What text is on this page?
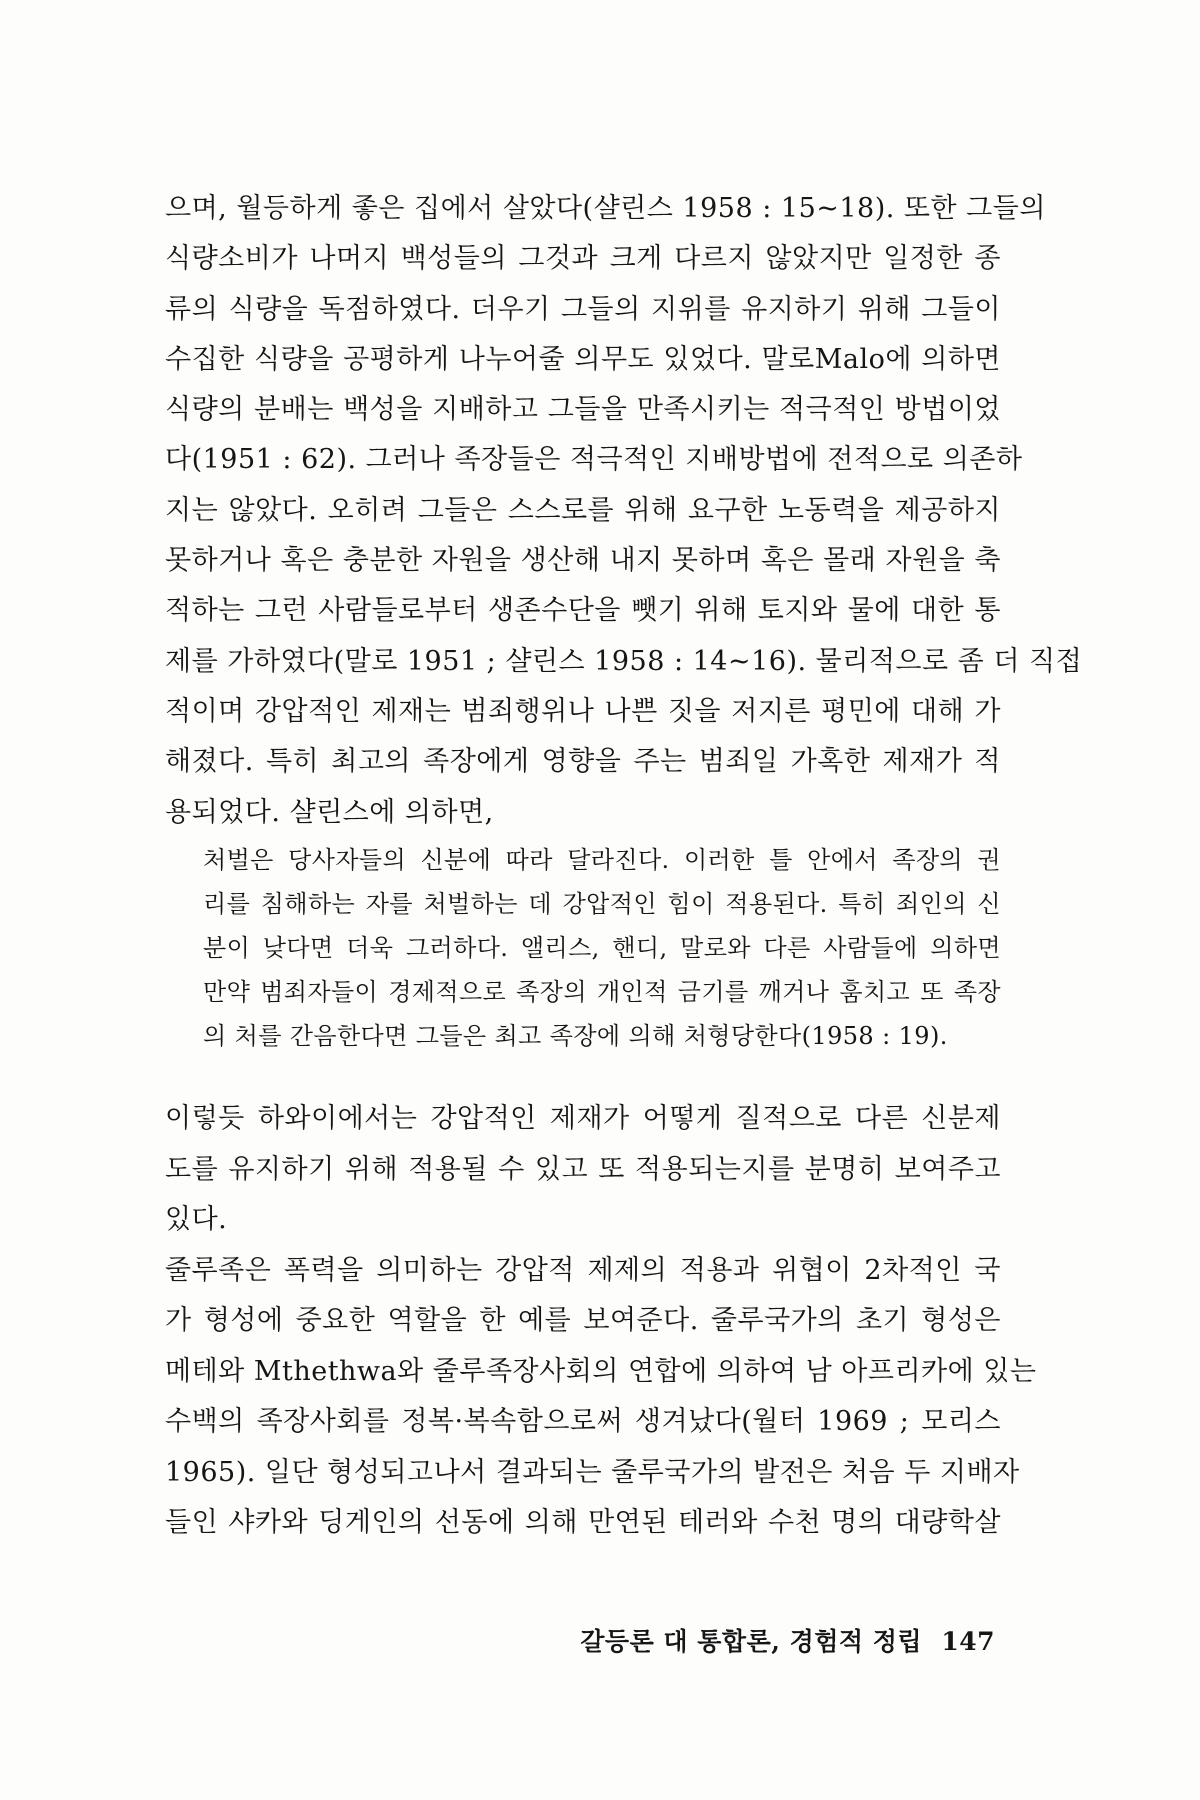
으며, 월등하게 좋은 집에서 살았다(샬린스 1958 : 15~18). 또한 그들의
식량소비가 나머지 백성들의 그것과 크게 다르지 않았지만 일정한 종
류의 식량을 독점하였다. 더우기 그들의 지위를 유지하기 위해 그들이
수집한 식량을 공평하게 나누어줄 의무도 있었다. 말로Malo에 의하면
식량의 분배는 백성을 지배하고 그들을 만족시키는 적극적인 방법이었
다(1951 : 62). 그러나 족장들은 적극적인 지배방법에 전적으로 의존하
지는 않았다. 오히려 그들은 스스로를 위해 요구한 노동력을 제공하지
못하거나 혹은 충분한 자원을 생산해 내지 못하며 혹은 몰래 자원을 축
적하는 그런 사람들로부터 생존수단을 뺏기 위해 토지와 물에 대한 통
제를 가하였다(말로 1951 ; 샬린스 1958 : 14~16). 물리적으로 좀 더 직접
적이며 강압적인 제재는 범죄행위나 나쁜 짓을 저지른 평민에 대해 가
해졌다. 특히 최고의 족장에게 영향을 주는 범죄일 가혹한 제재가 적
용되었다. 샬린스에 의하면,
처벌은 당사자들의 신분에 따라 달라진다. 이러한 틀 안에서 족장의 권
리를 침해하는 자를 처벌하는 데 강압적인 힘이 적용된다. 특히 죄인의 신
분이 낮다면 더욱 그러하다. 앨리스, 핸디, 말로와 다른 사람들에 의하면
만약 범죄자들이 경제적으로 족장의 개인적 금기를 깨거나 훔치고 또 족장
의 처를 간음한다면 그들은 최고 족장에 의해 처형당한다(1958 : 19).
이렇듯 하와이에서는 강압적인 제재가 어떻게 질적으로 다른 신분제
도를 유지하기 위해 적용될 수 있고 또 적용되는지를 분명히 보여주고
있다.
줄루족은 폭력을 의미하는 강압적 제제의 적용과 위협이 2차적인 국
가 형성에 중요한 역할을 한 예를 보여준다. 줄루국가의 초기 형성은
메테와 Mthethwa와 줄루족장사회의 연합에 의하여 남 아프리카에 있는
수백의 족장사회를 정복·복속함으로써 생겨났다(월터 1969 ; 모리스
1965). 일단 형성되고나서 결과되는 줄루국가의 발전은 처음 두 지배자
들인 샤카와 딩게인의 선동에 의해 만연된 테러와 수천 명의 대량학살
갈등론 대 통합론, 경험적 정립 147
